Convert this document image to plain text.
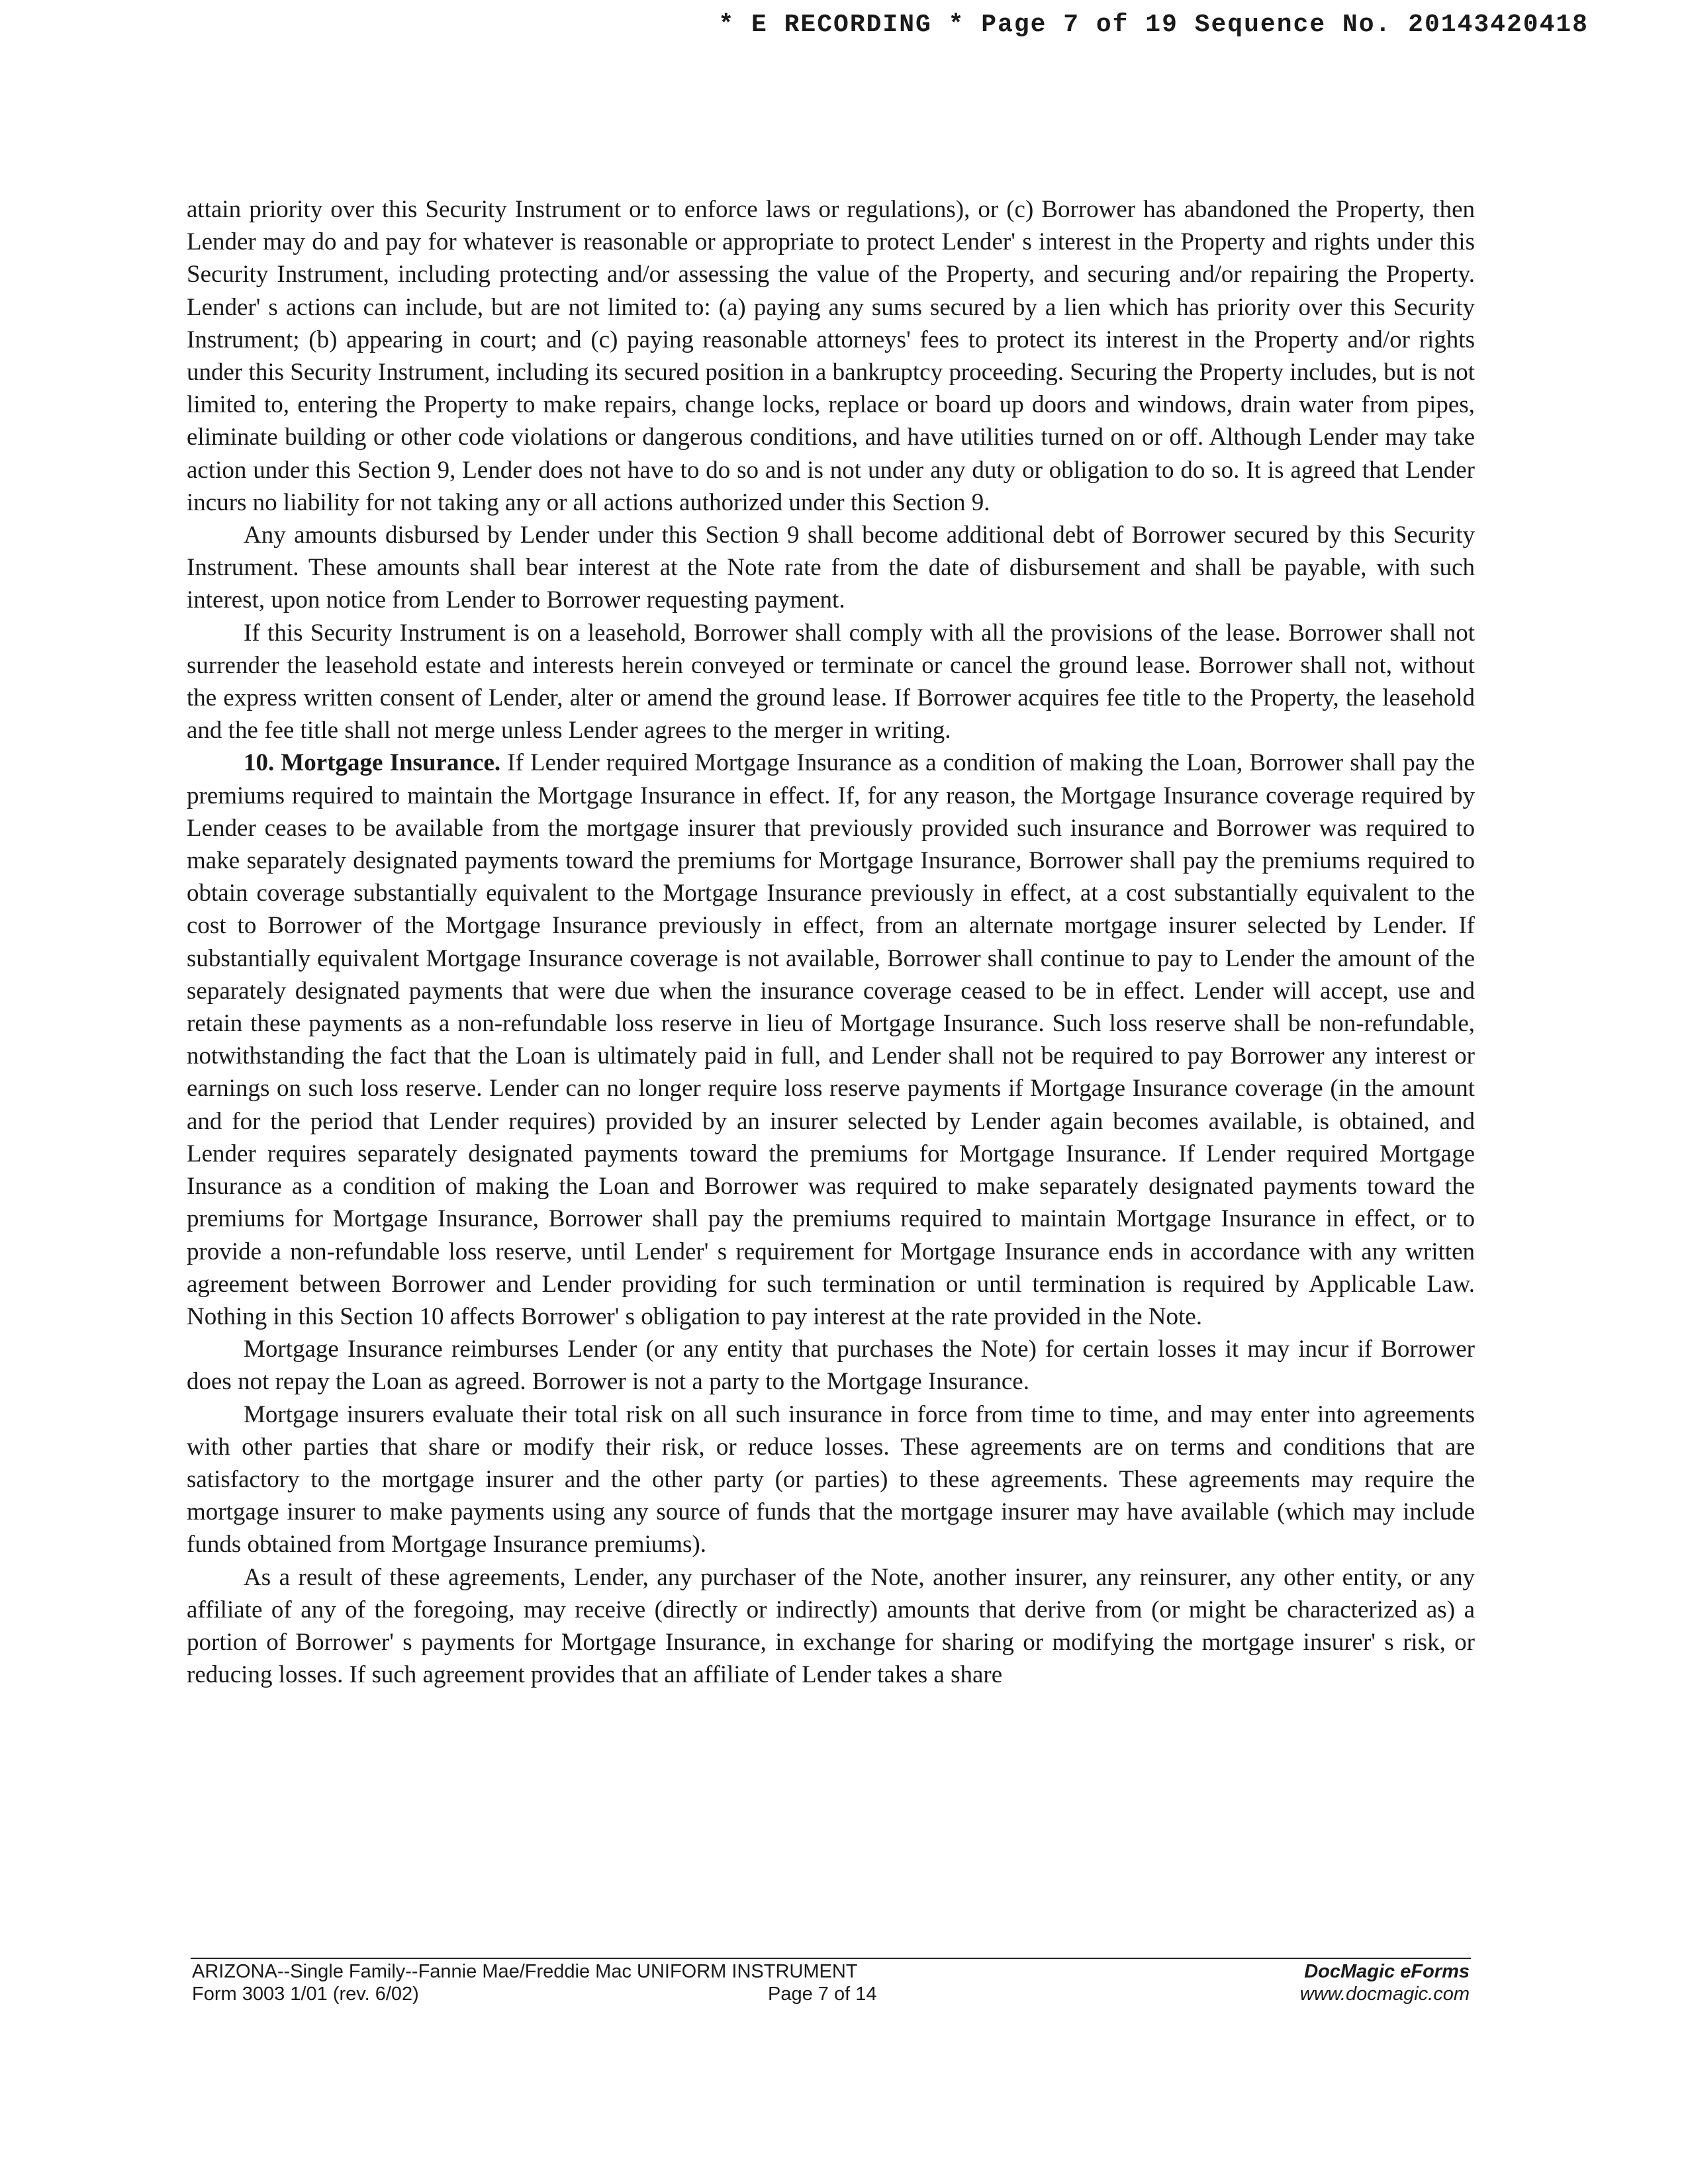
* E RECORDING * Page 7 of 19 Sequence No. 20143420418

attain priority over this Security Instrument or to enforce laws or regulations), or (c) Borrower has abandoned the Property, then Lender may do and pay for whatever is reasonable or appropriate to protect Lender' s interest in the Property and rights under this Security Instrument, including protecting and/or assessing the value of the Property, and securing and/or repairing the Property. Lender' s actions can include, but are not limited to: (a) paying any sums secured by a lien which has priority over this Security Instrument; (b) appearing in court; and (c) paying reasonable attorneys' fees to protect its interest in the Property and/or rights under this Security Instrument, including its secured position in a bankruptcy proceeding. Securing the Property includes, but is not limited to, entering the Property to make repairs, change locks, replace or board up doors and windows, drain water from pipes, eliminate building or other code violations or dangerous conditions, and have utilities turned on or off. Although Lender may take action under this Section 9, Lender does not have to do so and is not under any duty or obligation to do so. It is agreed that Lender incurs no liability for not taking any or all actions authorized under this Section 9.

Any amounts disbursed by Lender under this Section 9 shall become additional debt of Borrower secured by this Security Instrument. These amounts shall bear interest at the Note rate from the date of disbursement and shall be payable, with such interest, upon notice from Lender to Borrower requesting payment.

If this Security Instrument is on a leasehold, Borrower shall comply with all the provisions of the lease. Borrower shall not surrender the leasehold estate and interests herein conveyed or terminate or cancel the ground lease. Borrower shall not, without the express written consent of Lender, alter or amend the ground lease. If Borrower acquires fee title to the Property, the leasehold and the fee title shall not merge unless Lender agrees to the merger in writing.

10. Mortgage Insurance. If Lender required Mortgage Insurance as a condition of making the Loan, Borrower shall pay the premiums required to maintain the Mortgage Insurance in effect. If, for any reason, the Mortgage Insurance coverage required by Lender ceases to be available from the mortgage insurer that previously provided such insurance and Borrower was required to make separately designated payments toward the premiums for Mortgage Insurance, Borrower shall pay the premiums required to obtain coverage substantially equivalent to the Mortgage Insurance previously in effect, at a cost substantially equivalent to the cost to Borrower of the Mortgage Insurance previously in effect, from an alternate mortgage insurer selected by Lender. If substantially equivalent Mortgage Insurance coverage is not available, Borrower shall continue to pay to Lender the amount of the separately designated payments that were due when the insurance coverage ceased to be in effect. Lender will accept, use and retain these payments as a non-refundable loss reserve in lieu of Mortgage Insurance. Such loss reserve shall be non-refundable, notwithstanding the fact that the Loan is ultimately paid in full, and Lender shall not be required to pay Borrower any interest or earnings on such loss reserve. Lender can no longer require loss reserve payments if Mortgage Insurance coverage (in the amount and for the period that Lender requires) provided by an insurer selected by Lender again becomes available, is obtained, and Lender requires separately designated payments toward the premiums for Mortgage Insurance. If Lender required Mortgage Insurance as a condition of making the Loan and Borrower was required to make separately designated payments toward the premiums for Mortgage Insurance, Borrower shall pay the premiums required to maintain Mortgage Insurance in effect, or to provide a non-refundable loss reserve, until Lender' s requirement for Mortgage Insurance ends in accordance with any written agreement between Borrower and Lender providing for such termination or until termination is required by Applicable Law. Nothing in this Section 10 affects Borrower' s obligation to pay interest at the rate provided in the Note.

Mortgage Insurance reimburses Lender (or any entity that purchases the Note) for certain losses it may incur if Borrower does not repay the Loan as agreed. Borrower is not a party to the Mortgage Insurance.

Mortgage insurers evaluate their total risk on all such insurance in force from time to time, and may enter into agreements with other parties that share or modify their risk, or reduce losses. These agreements are on terms and conditions that are satisfactory to the mortgage insurer and the other party (or parties) to these agreements. These agreements may require the mortgage insurer to make payments using any source of funds that the mortgage insurer may have available (which may include funds obtained from Mortgage Insurance premiums).

As a result of these agreements, Lender, any purchaser of the Note, another insurer, any reinsurer, any other entity, or any affiliate of any of the foregoing, may receive (directly or indirectly) amounts that derive from (or might be characterized as) a portion of Borrower' s payments for Mortgage Insurance, in exchange for sharing or modifying the mortgage insurer' s risk, or reducing losses. If such agreement provides that an affiliate of Lender takes a share

ARIZONA--Single Family--Fannie Mae/Freddie Mac UNIFORM INSTRUMENT
Form 3003 1/01 (rev. 6/02)	Page 7 of 14
DocMagic eForms
www.docmagic.com
